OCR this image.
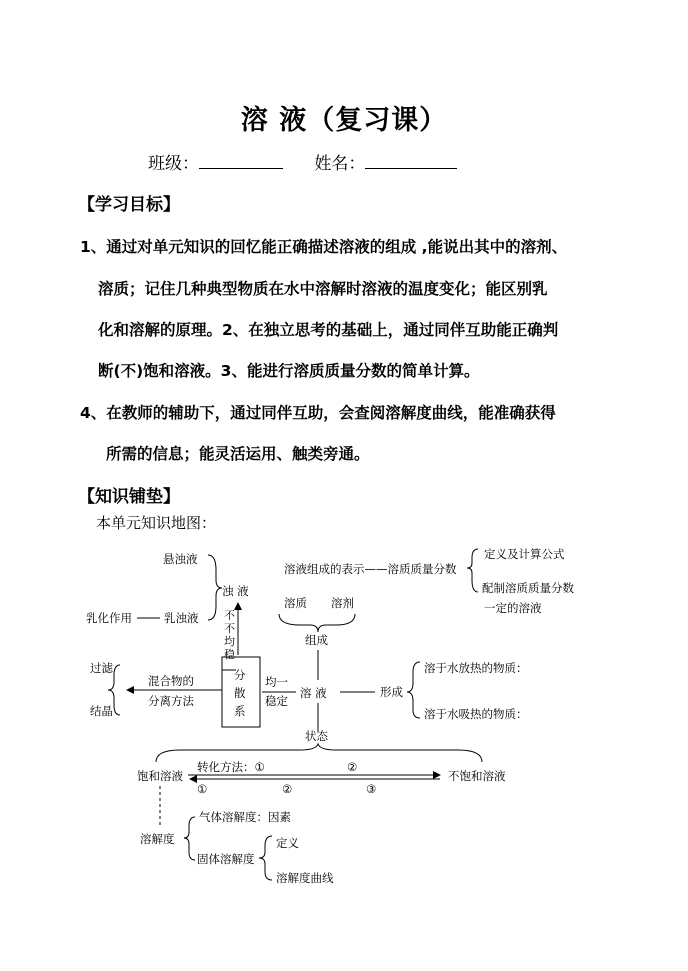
溶 液（复习课）
班级：	姓名：
【学习目标】
1、通过对单元知识的回忆能正确描述溶液的组成 ,能说出其中的溶剂、
溶质；记住几种典型物质在水中溶解时溶液的温度变化；能区别乳
化和溶解的原理。2、在独立思考的基础上，通过同伴互助能正确判
断(不)饱和溶液。3、能进行溶质质量分数的简单计算。
4、在教师的辅助下，通过同伴互助，会查阅溶解度曲线，能准确获得
所需的信息；能灵活运用、触类旁通。
【知识铺垫】
本单元知识地图：
悬浊液
浊 液
乳浊液
乳化作用	不
不
均
稳
分
散
系
混合物的
分离方法
过滤
结晶
均一
稳定
溶 液
溶液组成的表示——溶质质量分数
定义及计算公式
配制溶质质量分数
一定的溶液
溶质 溶剂
组成
形成
溶于水放热的物质：
溶于水吸热的物质：
状态
饱和溶液
转化方法：①	②
不饱和溶液
①	②	③
溶解度
气体溶解度：因素
固体溶解度
定义
溶解度曲线
